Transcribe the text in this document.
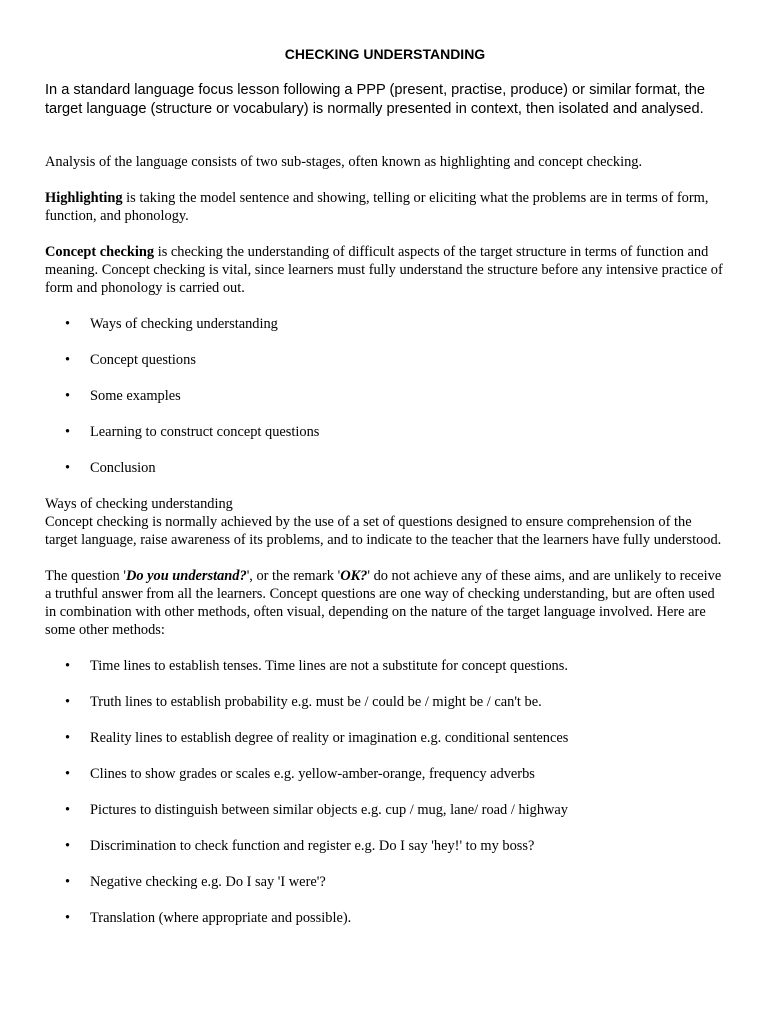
CHECKING UNDERSTANDING

In a standard language focus lesson following a PPP (present, practise, produce) or similar format, the target language (structure or vocabulary) is normally presented in context, then isolated and analysed.

Analysis of the language consists of two sub-stages, often known as highlighting and concept checking.

Highlighting is taking the model sentence and showing, telling or eliciting what the problems are in terms of form, function, and phonology.

Concept checking is checking the understanding of difficult aspects of the target structure in terms of function and meaning. Concept checking is vital, since learners must fully understand the structure before any intensive practice of form and phonology is carried out.

• Ways of checking understanding
• Concept questions
• Some examples
• Learning to construct concept questions
• Conclusion

Ways of checking understanding

Concept checking is normally achieved by the use of a set of questions designed to ensure comprehension of the target language, raise awareness of its problems, and to indicate to the teacher that the learners have fully understood.

The question 'Do you understand?', or the remark 'OK?' do not achieve any of these aims, and are unlikely to receive a truthful answer from all the learners. Concept questions are one way of checking understanding, but are often used in combination with other methods, often visual, depending on the nature of the target language involved. Here are some other methods:

• Time lines to establish tenses. Time lines are not a substitute for concept questions.
• Truth lines to establish probability e.g. must be / could be / might be / can't be.
• Reality lines to establish degree of reality or imagination e.g. conditional sentences
• Clines to show grades or scales e.g. yellow-amber-orange, frequency adverbs
• Pictures to distinguish between similar objects e.g. cup / mug, lane/ road / highway
• Discrimination to check function and register e.g. Do I say 'hey!' to my boss?
• Negative checking e.g. Do I say 'I were'?
• Translation (where appropriate and possible).
